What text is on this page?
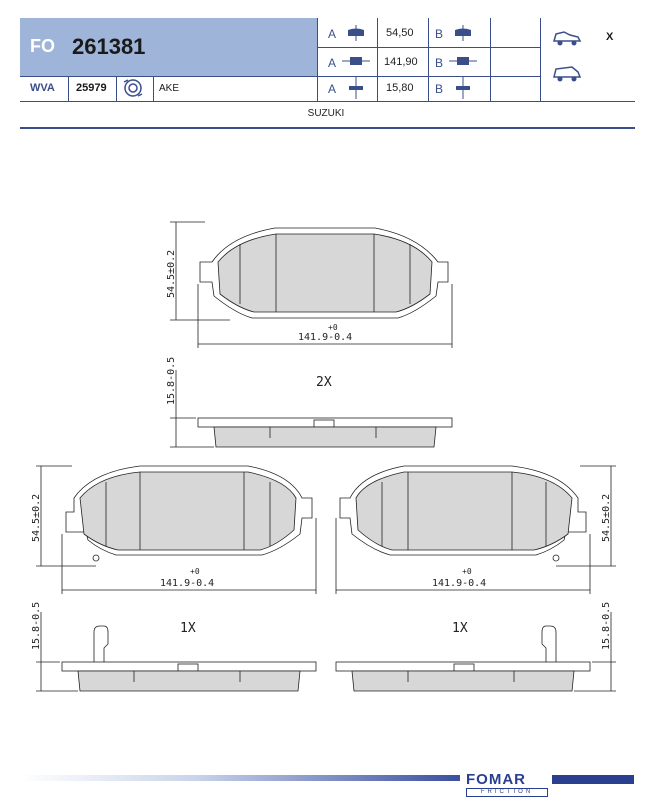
FO 261381	A	54,50 B
A	141,90 B
WVA 25979	AKE	A	15,80 B
X
SUZUKI
54.5±0.2
141.9-0.4
+0
2X
15.8-0.5
54.5±0.2
141.9-0.4
+0
54.5±0.2
141.9-0.4
+0
1X
15.8-0.5	1X	15.8-0.5
FOMAR
FRICTION
